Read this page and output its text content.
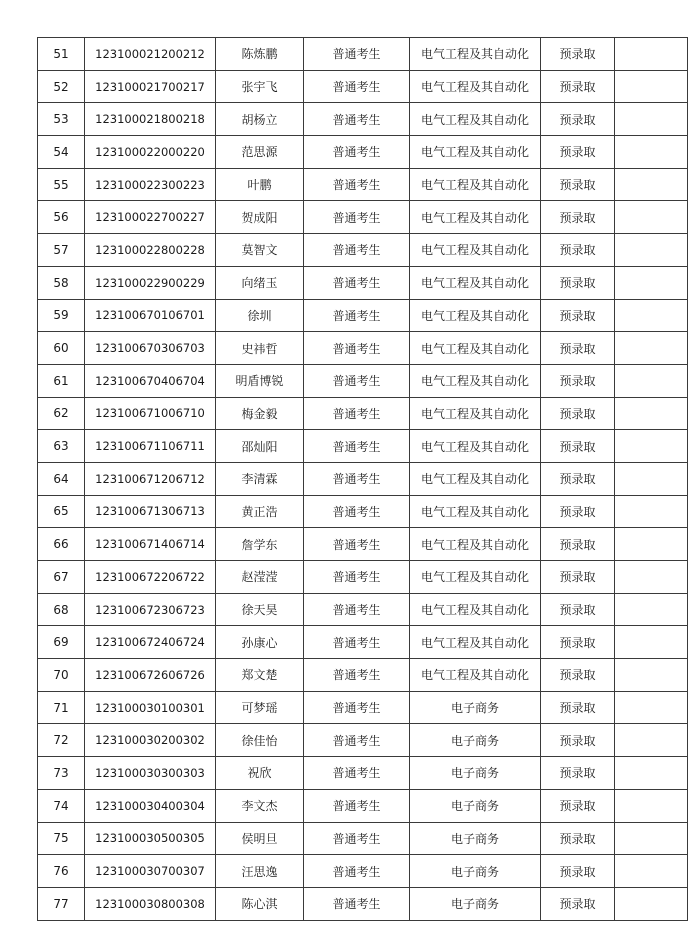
51	123100021200212	陈炼鹏	普通考生	电气工程及其自动化	预录取	
52	123100021700217	张宇飞	普通考生	电气工程及其自动化	预录取	
53	123100021800218	胡杨立	普通考生	电气工程及其自动化	预录取	
54	123100022000220	范思源	普通考生	电气工程及其自动化	预录取	
55	123100022300223	叶鹏	普通考生	电气工程及其自动化	预录取	
56	123100022700227	贺成阳	普通考生	电气工程及其自动化	预录取	
57	123100022800228	莫智文	普通考生	电气工程及其自动化	预录取	
58	123100022900229	向绪玉	普通考生	电气工程及其自动化	预录取	
59	123100670106701	徐圳	普通考生	电气工程及其自动化	预录取	
60	123100670306703	史祎哲	普通考生	电气工程及其自动化	预录取	
61	123100670406704	明盾博锐	普通考生	电气工程及其自动化	预录取	
62	123100671006710	梅金毅	普通考生	电气工程及其自动化	预录取	
63	123100671106711	邵灿阳	普通考生	电气工程及其自动化	预录取	
64	123100671206712	李清霖	普通考生	电气工程及其自动化	预录取	
65	123100671306713	黄正浩	普通考生	电气工程及其自动化	预录取	
66	123100671406714	詹学东	普通考生	电气工程及其自动化	预录取	
67	123100672206722	赵滢滢	普通考生	电气工程及其自动化	预录取	
68	123100672306723	徐天昊	普通考生	电气工程及其自动化	预录取	
69	123100672406724	孙康心	普通考生	电气工程及其自动化	预录取	
70	123100672606726	郑文楚	普通考生	电气工程及其自动化	预录取	
71	123100030100301	可梦瑶	普通考生	电子商务	预录取	
72	123100030200302	徐佳怡	普通考生	电子商务	预录取	
73	123100030300303	祝欣	普通考生	电子商务	预录取	
74	123100030400304	李文杰	普通考生	电子商务	预录取	
75	123100030500305	侯明旦	普通考生	电子商务	预录取	
76	123100030700307	汪思逸	普通考生	电子商务	预录取	
77	123100030800308	陈心淇	普通考生	电子商务	预录取	
